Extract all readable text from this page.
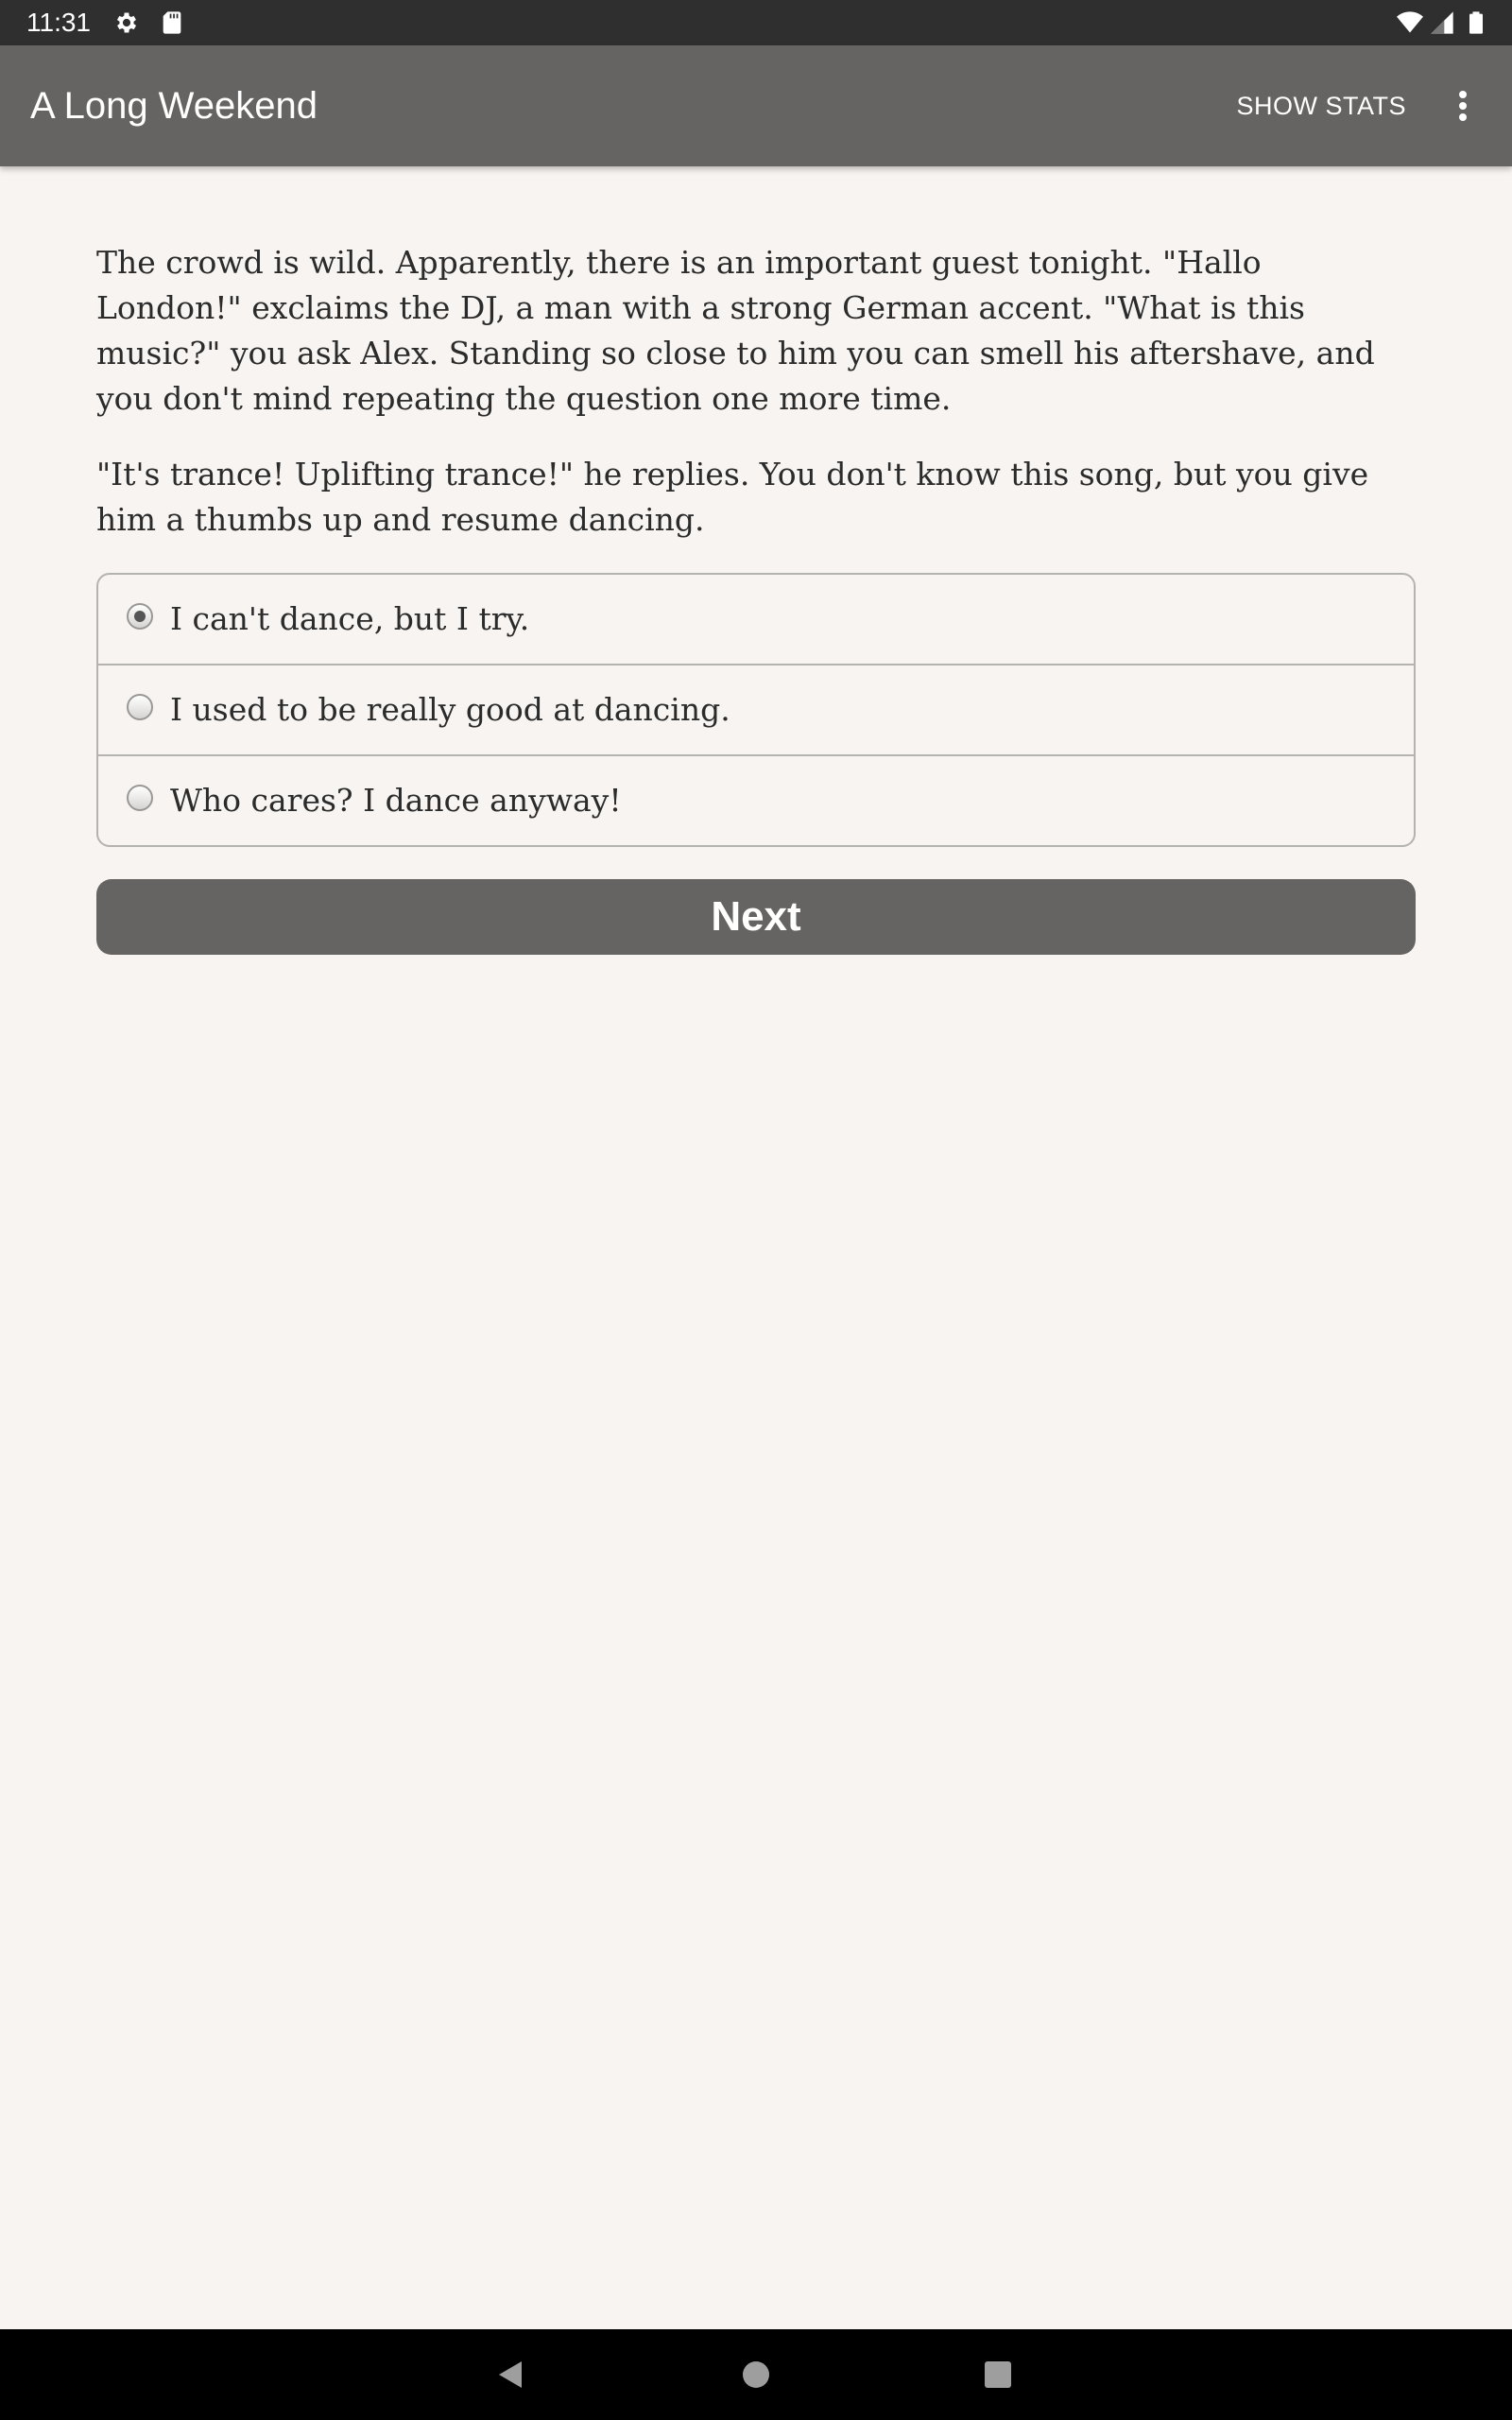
11:31
A Long Weekend	SHOW STATS

The crowd is wild. Apparently, there is an important guest tonight. "Hallo London!" exclaims the DJ, a man with a strong German accent. "What is this music?" you ask Alex. Standing so close to him you can smell his aftershave, and you don't mind repeating the question one more time.

"It's trance! Uplifting trance!" he replies. You don't know this song, but you give him a thumbs up and resume dancing.

I can't dance, but I try.
I used to be really good at dancing.
Who cares? I dance anyway!
Next
